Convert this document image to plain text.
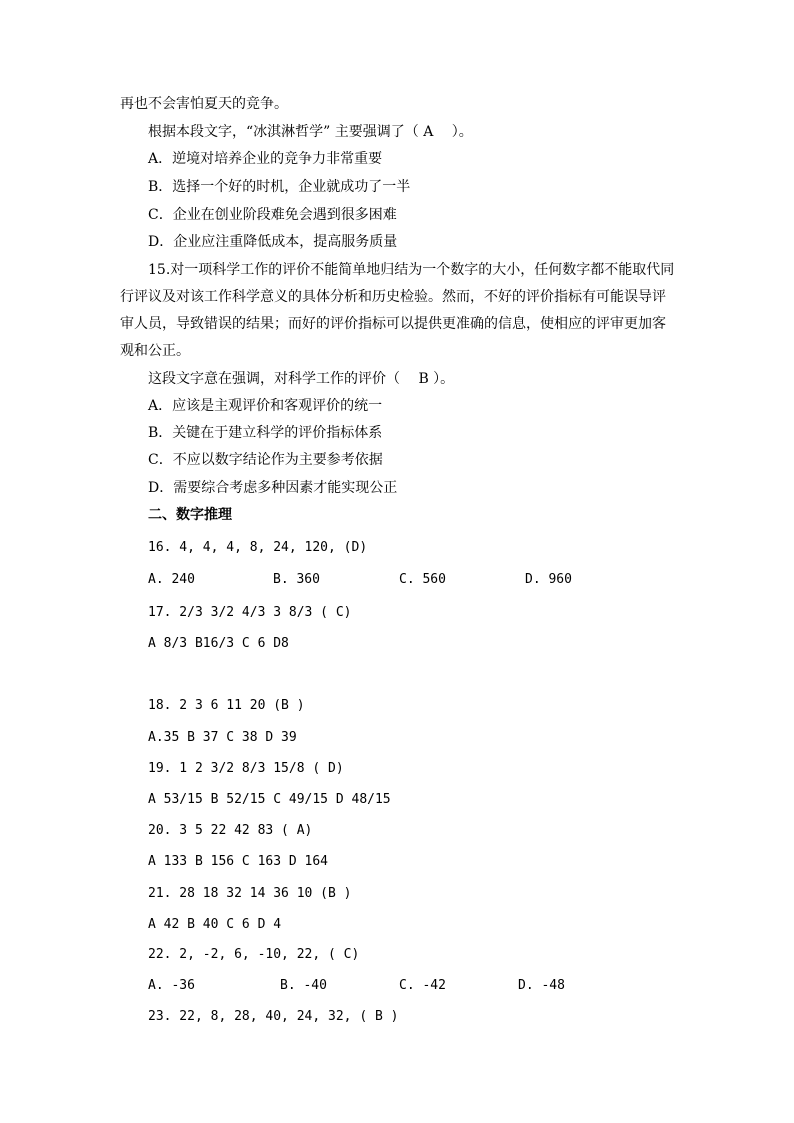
再也不会害怕夏天的竞争。
根据本段文字，“冰淇淋哲学” 主要强调了（ A　 ）。
A．逆境对培养企业的竞争力非常重要
B．选择一个好的时机，企业就成功了一半
C．企业在创业阶段难免会遇到很多困难
D．企业应注重降低成本，提高服务质量
15.对一项科学工作的评价不能简单地归结为一个数字的大小，任何数字都不能取代同
行评议及对该工作科学意义的具体分析和历史检验。然而，不好的评价指标有可能误导评
审人员，导致错误的结果；而好的评价指标可以提供更准确的信息，使相应的评审更加客
观和公正。
这段文字意在强调，对科学工作的评价（　 B ）。
A．应该是主观评价和客观评价的统一
B．关键在于建立科学的评价指标体系
C．不应以数字结论作为主要参考依据
D．需要综合考虑多种因素才能实现公正
二、数字推理
16. 4, 4, 4, 8, 24, 120, (D)
A. 240	B. 360	C. 560	D. 960
17. 2/3 3/2 4/3 3 8/3 ( C)
A 8/3 B16/3 C 6 D8
18. 2 3 6 11 20 (B )
A.35 B 37 C 38 D 39
19. 1 2 3/2 8/3 15/8 ( D)
A 53/15 B 52/15 C 49/15 D 48/15
20. 3 5 22 42 83 ( A)
A 133 B 156 C 163 D 164
21. 28 18 32 14 36 10 (B )
A 42 B 40 C 6 D 4
22. 2, -2, 6, -10, 22, ( C)
A. -36	B. -40	C. -42	D. -48
23. 22, 8, 28, 40, 24, 32, ( B )
